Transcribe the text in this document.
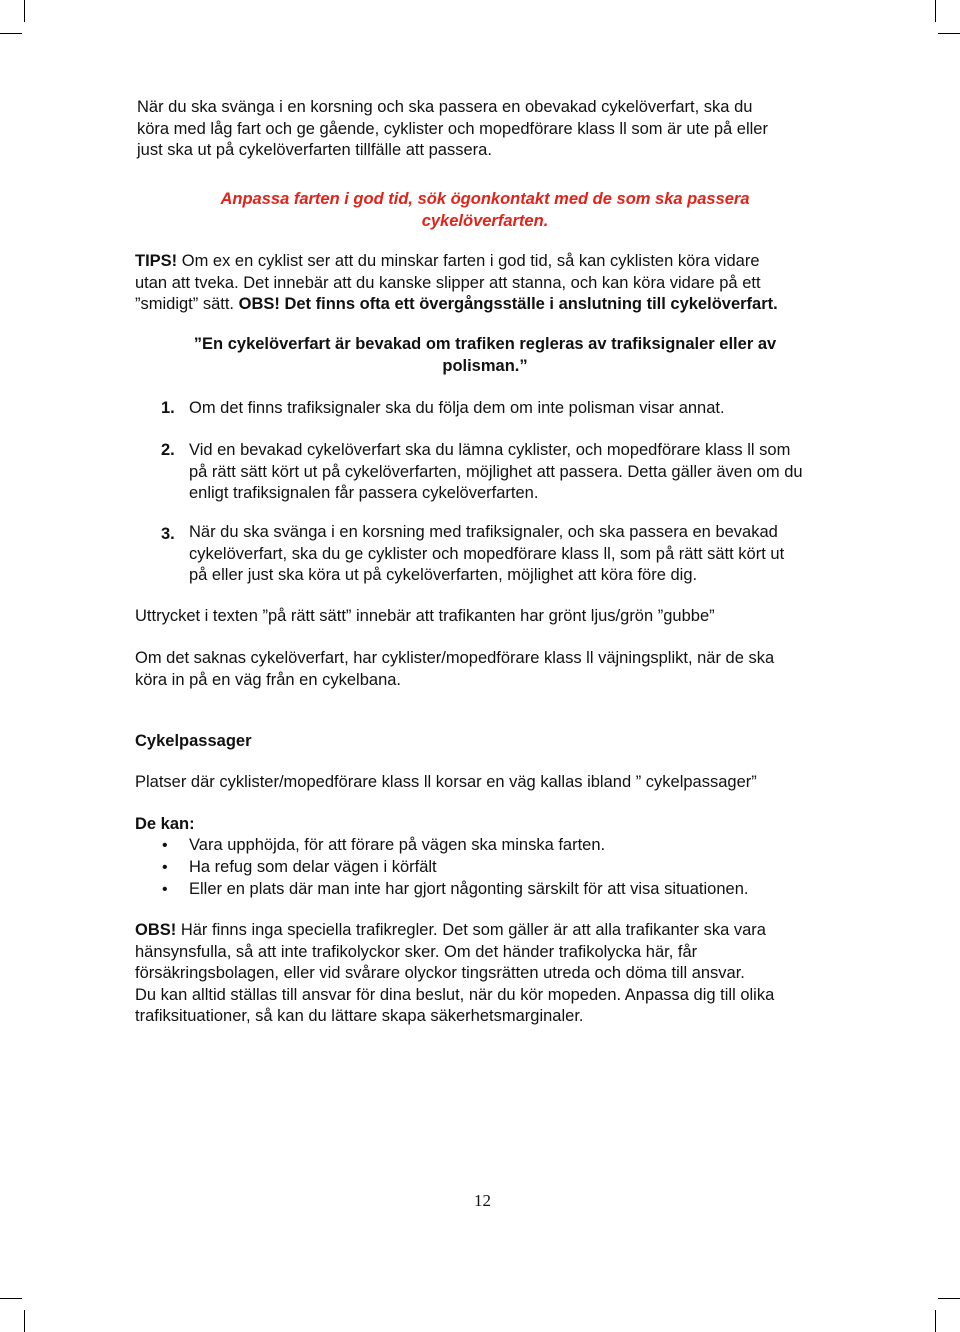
När du ska svänga i en korsning och ska passera en obevakad cykelöverfart, ska du
köra med låg fart och ge gående, cyklister och mopedförare klass ll som är ute på eller
just ska ut på cykelöverfarten tillfälle att passera.
Anpassa farten i god tid, sök ögonkontakt med de som ska passera
cykelöverfarten.
TIPS! Om ex en cyklist ser att du minskar farten i god tid, så kan cyklisten köra vidare
utan att tveka. Det innebär att du kanske slipper att stanna, och kan köra vidare på ett
”smidigt” sätt. OBS! Det finns ofta ett övergångsställe i anslutning till cykelöverfart.
”En cykelöverfart är bevakad om trafiken regleras av trafiksignaler eller av
polisman.”
1. Om det finns trafiksignaler ska du följa dem om inte polisman visar annat.
2. Vid en bevakad cykelöverfart ska du lämna cyklister, och mopedförare klass ll som
på rätt sätt kört ut på cykelöverfarten, möjlighet att passera. Detta gäller även om du
enligt trafiksignalen får passera cykelöverfarten.
3. När du ska svänga i en korsning med trafiksignaler, och ska passera en bevakad
cykelöverfart, ska du ge cyklister och mopedförare klass ll, som på rätt sätt kört ut
på eller just ska köra ut på cykelöverfarten, möjlighet att köra före dig.
Uttrycket i texten ”på rätt sätt” innebär att trafikanten har grönt ljus/grön ”gubbe”
Om det saknas cykelöverfart, har cyklister/mopedförare klass ll väjningsplikt, när de ska
köra in på en väg från en cykelbana.
Cykelpassager
Platser där cyklister/mopedförare klass ll korsar en väg kallas ibland ” cykelpassager”
De kan:
• Vara upphöjda, för att förare på vägen ska minska farten.
• Ha refug som delar vägen i körfält
• Eller en plats där man inte har gjort någonting särskilt för att visa situationen.
OBS! Här finns inga speciella trafikregler. Det som gäller är att alla trafikanter ska vara
hänsynsfulla, så att inte trafikolyckor sker. Om det händer trafikolycka här, får
försäkringsbolagen, eller vid svårare olyckor tingsrätten utreda och döma till ansvar.
Du kan alltid ställas till ansvar för dina beslut, när du kör mopeden. Anpassa dig till olika
trafiksituationer, så kan du lättare skapa säkerhetsmarginaler.
12
